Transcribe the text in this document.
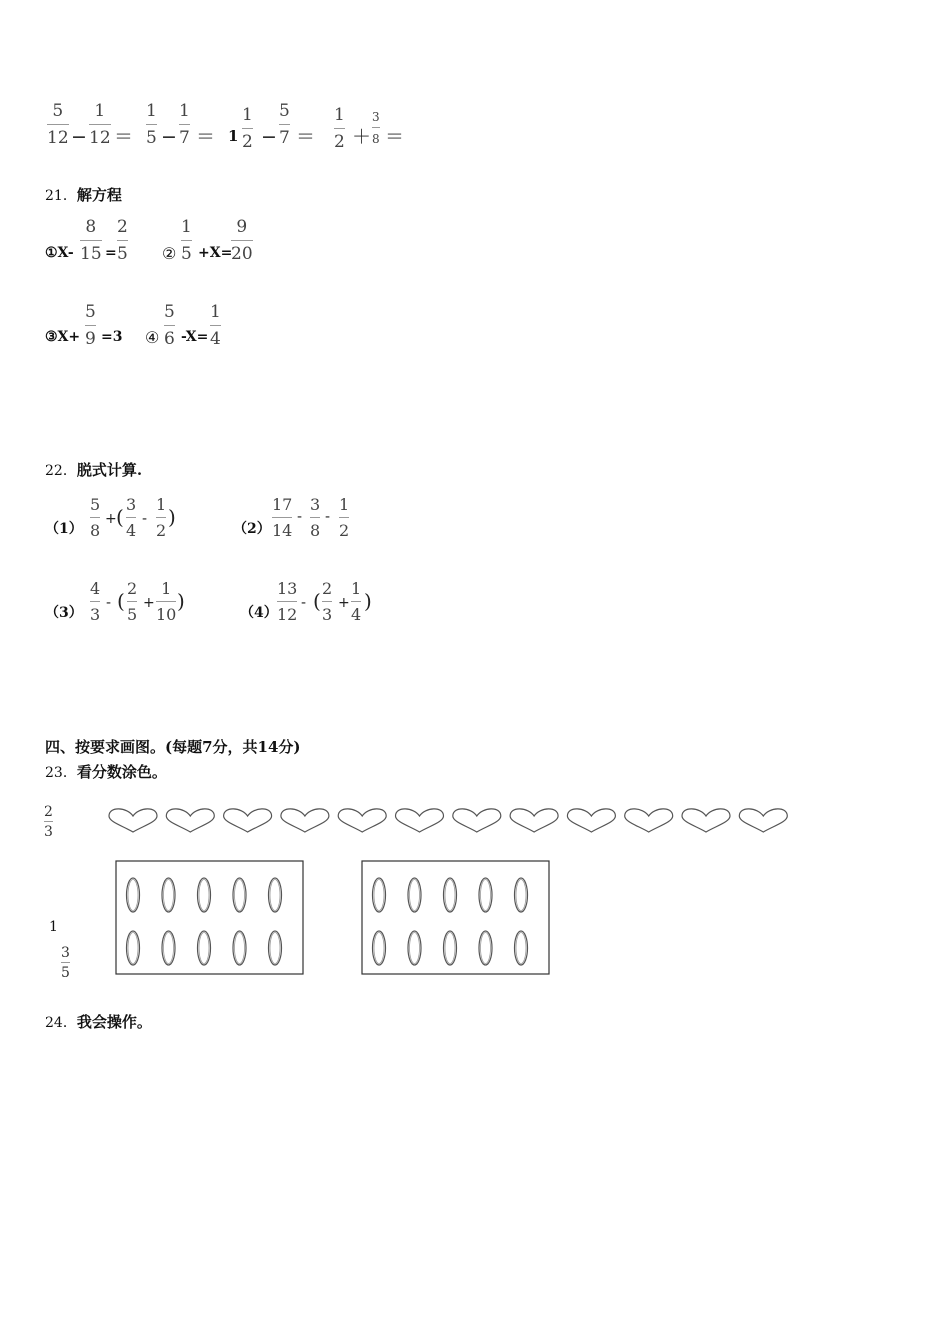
5
12 −
1
12 ＝
1
5 −
1
7 ＝ 1
1
2 −
5
7 ＝
1
2 ＋
3
8 ＝
21．解方程
①X-
8
15 =
2
5 ②
1
5 +X=
9
20
③X+
5
9 =3 ④
5
6 -X=
1
4
22．脱式计算.
（1）
5
8
+ (
3
4
-
1
2
)	（2）
17
14
-
3
8
-
1
2
（3）
4
3
- (
2
5
+
1
10
)	（4）
13
12
- (
2
3
+
1
4
)
四、按要求画图。(每题7分，共14分)
23．看分数涂色。
2
3
1
3
5
24．我会操作。
